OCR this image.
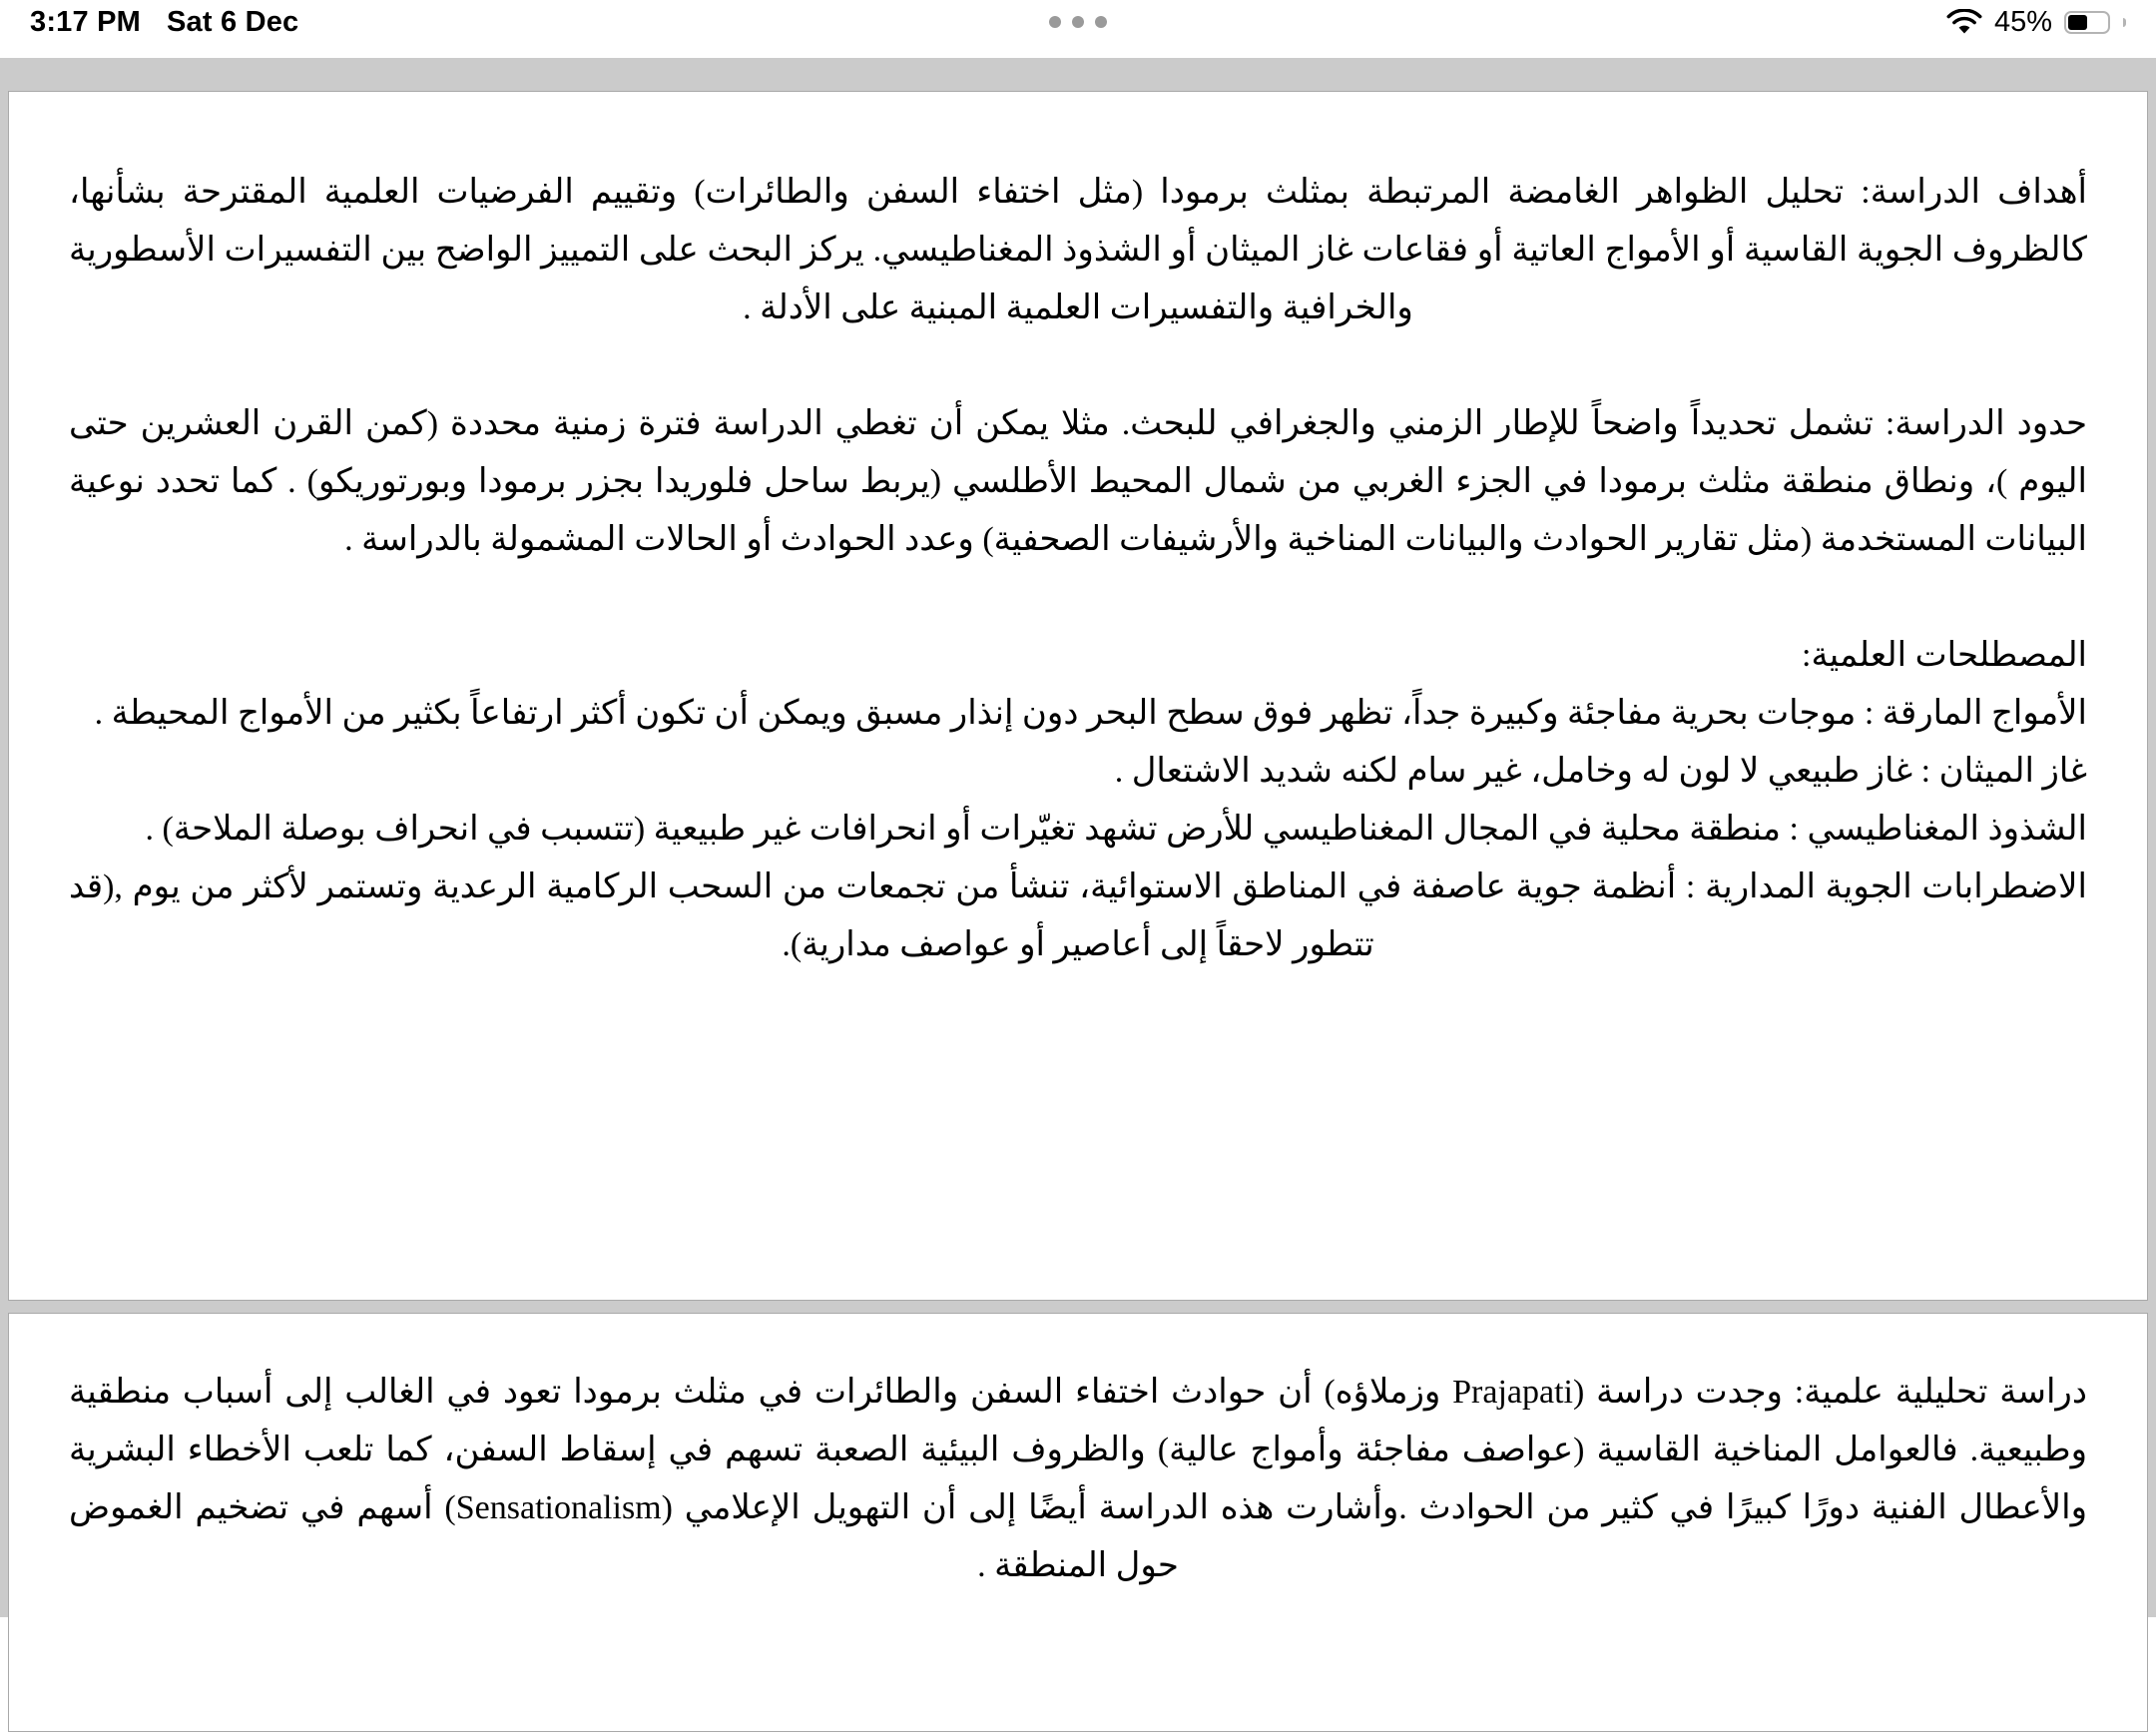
3:17 PM Sat 6 Dec	45%

أهداف الدراسة: تحليل الظواهر الغامضة المرتبطة بمثلث برمودا (مثل اختفاء السفن والطائرات) وتقييم الفرضيات العلمية المقترحة بشأنها، كالظروف الجوية القاسية أو الأمواج العاتية أو فقاعات غاز الميثان أو الشذوذ المغناطيسي. يركز البحث على التمييز الواضح بين التفسيرات الأسطورية والخرافية والتفسيرات العلمية المبنية على الأدلة .

حدود الدراسة: تشمل تحديداً واضحاً للإطار الزمني والجغرافي للبحث. مثلا يمكن أن تغطي الدراسة فترة زمنية محددة (كمن القرن العشرين حتى اليوم )، ونطاق منطقة مثلث برمودا في الجزء الغربي من شمال المحيط الأطلسي (يربط ساحل فلوريدا بجزر برمودا وبورتوريكو) . كما تحدد نوعية البيانات المستخدمة (مثل تقارير الحوادث والبيانات المناخية والأرشيفات الصحفية) وعدد الحوادث أو الحالات المشمولة بالدراسة .

المصطلحات العلمية:

الأمواج المارقة : موجات بحرية مفاجئة وكبيرة جداً، تظهر فوق سطح البحر دون إنذار مسبق ويمكن أن تكون أكثر ارتفاعاً بكثير من الأمواج المحيطة .

غاز الميثان : غاز طبيعي لا لون له وخامل، غير سام لكنه شديد الاشتعال .

الشذوذ المغناطيسي : منطقة محلية في المجال المغناطيسي للأرض تشهد تغيّرات أو انحرافات غير طبيعية (تتسبب في انحراف بوصلة الملاحة) .

الاضطرابات الجوية المدارية : أنظمة جوية عاصفة في المناطق الاستوائية، تنشأ من تجمعات من السحب الركامية الرعدية وتستمر لأكثر من يوم ,(قد تتطور لاحقاً إلى أعاصير أو عواصف مدارية).

دراسة تحليلية علمية: وجدت دراسة (Prajapati وزملاؤه) أن حوادث اختفاء السفن والطائرات في مثلث برمودا تعود في الغالب إلى أسباب منطقية وطبيعية. فالعوامل المناخية القاسية (عواصف مفاجئة وأمواج عالية) والظروف البيئية الصعبة تسهم في إسقاط السفن، كما تلعب الأخطاء البشرية والأعطال الفنية دورًا كبيرًا في كثير من الحوادث .وأشارت هذه الدراسة أيضًا إلى أن التهويل الإعلامي (Sensationalism) أسهم في تضخيم الغموض حول المنطقة .
